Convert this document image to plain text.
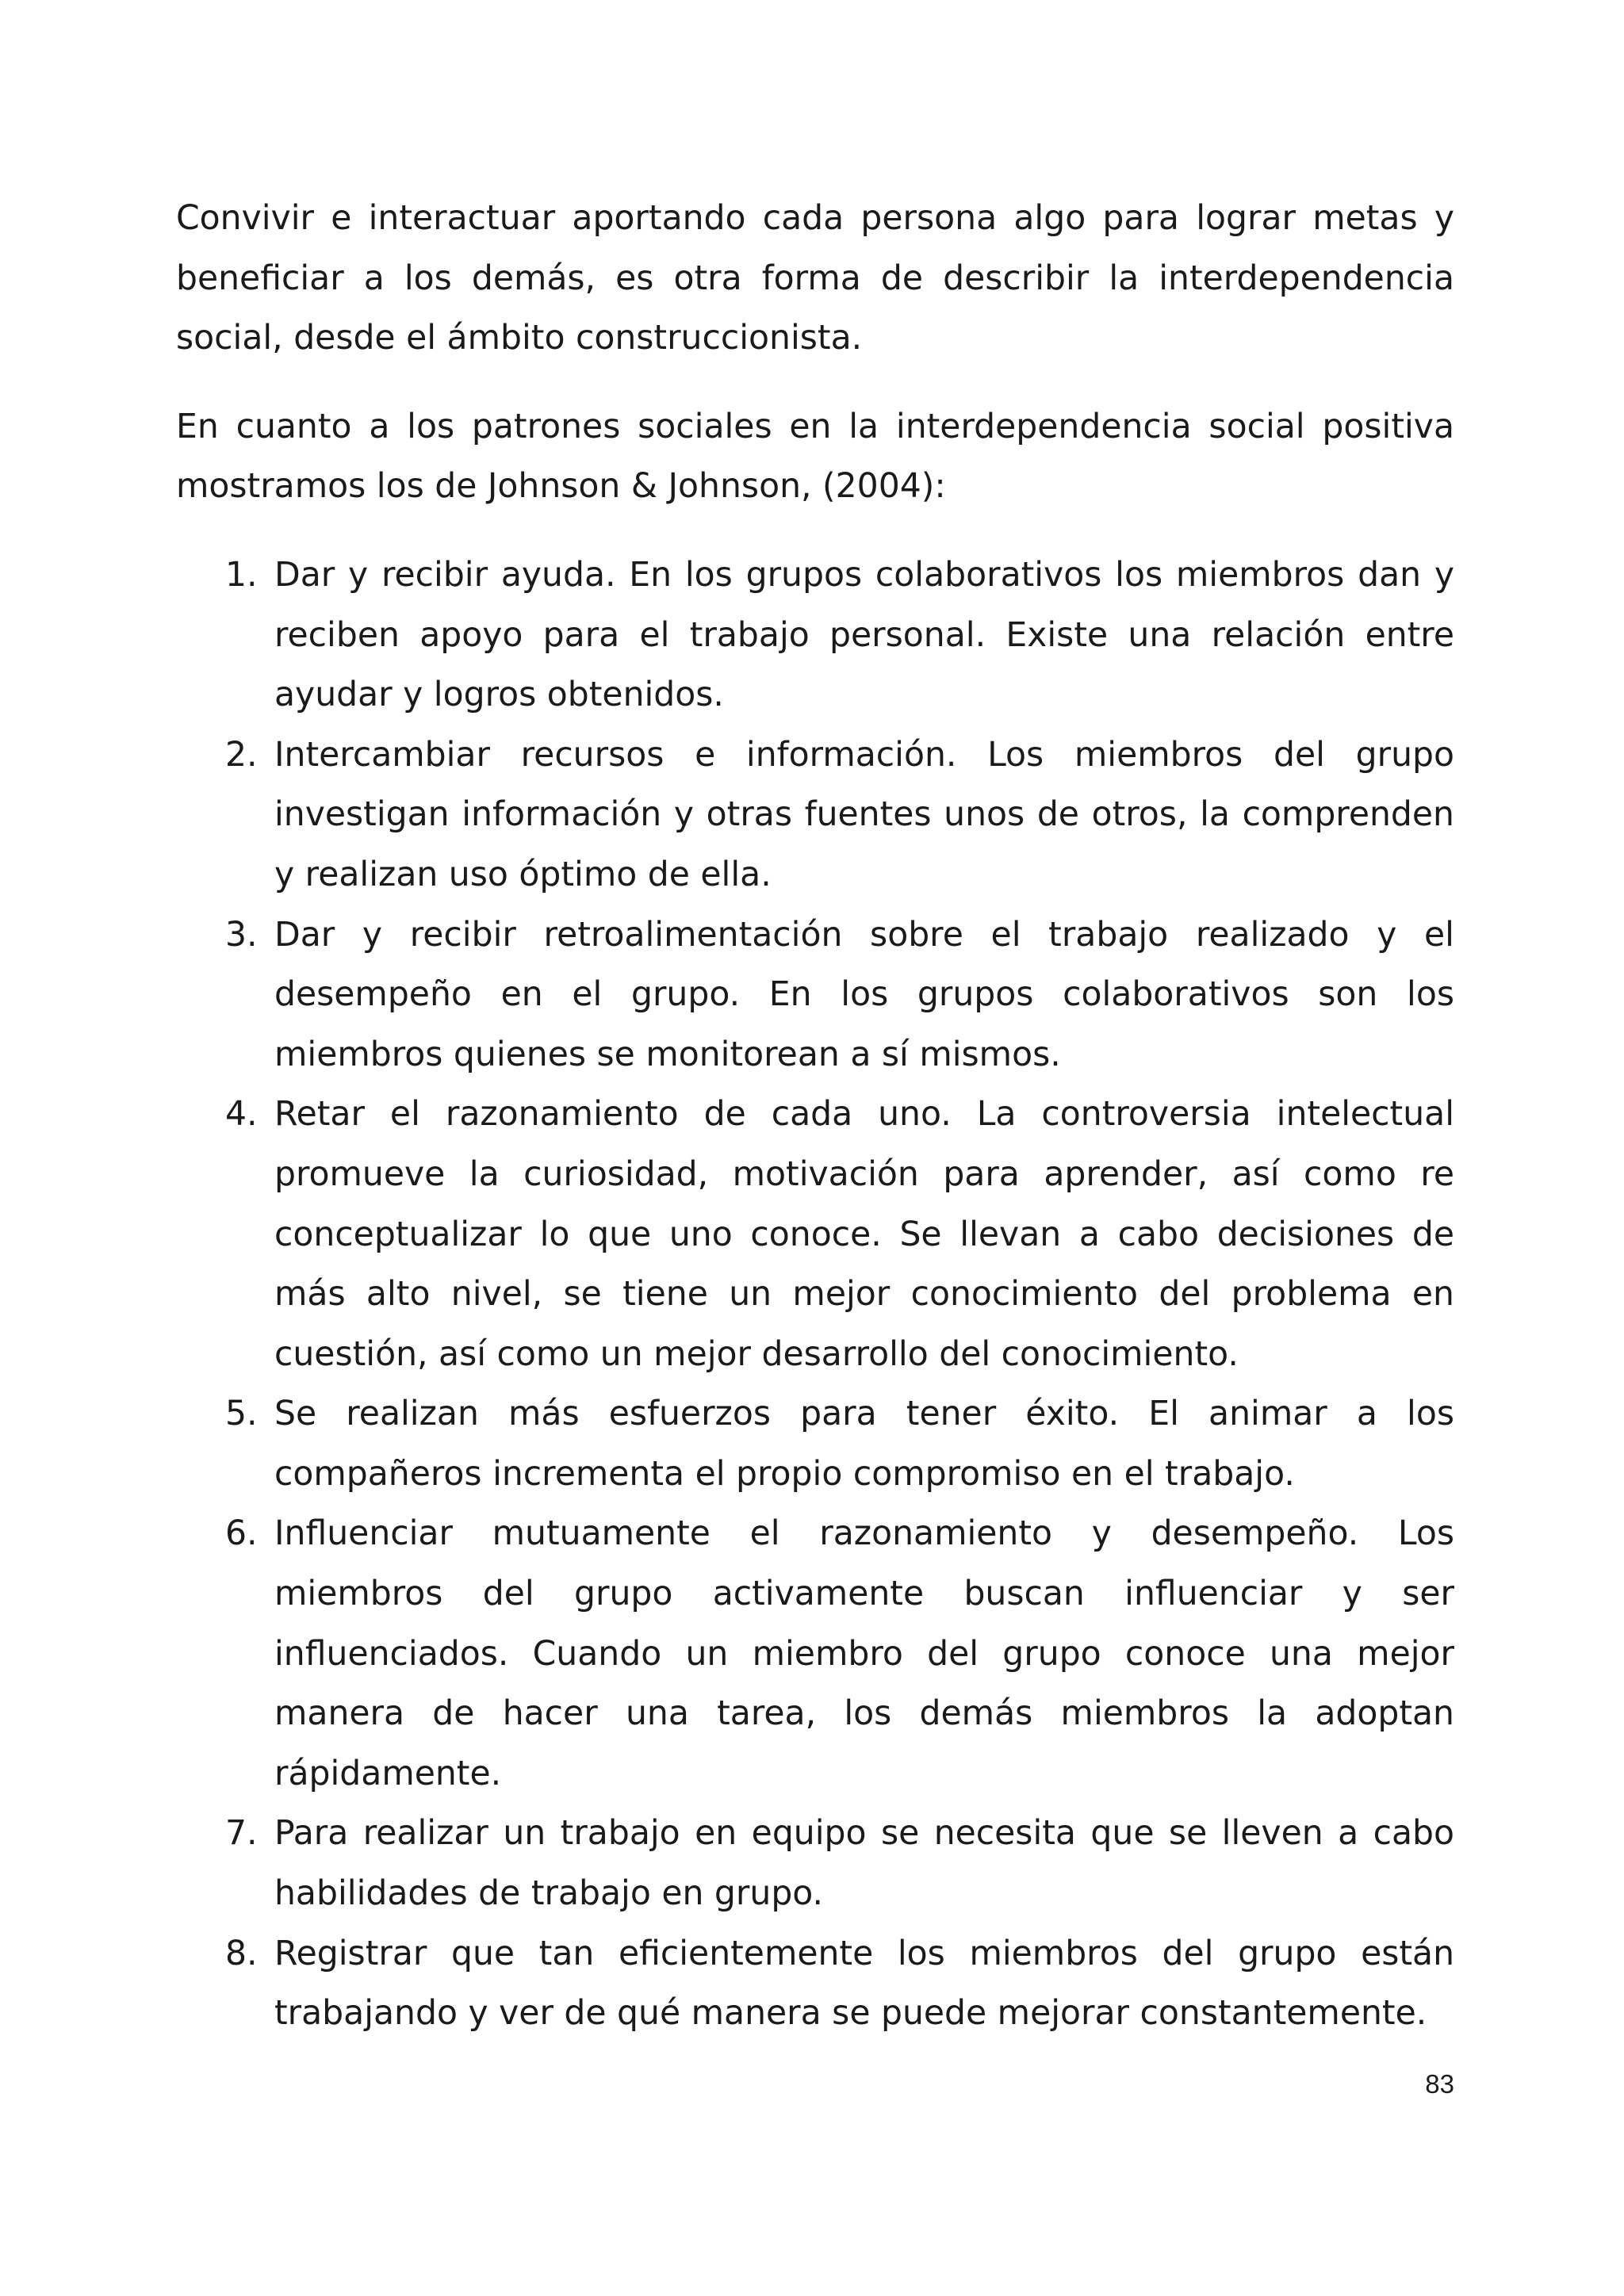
Convivir e interactuar aportando cada persona algo para lograr metas y beneficiar a los demás, es otra forma de describir la interdependencia social, desde el ámbito construccionista.

En cuanto a los patrones sociales en la interdependencia social positiva mostramos los de Johnson & Johnson, (2004):

1. Dar y recibir ayuda. En los grupos colaborativos los miembros dan y reciben apoyo para el trabajo personal. Existe una relación entre ayudar y logros obtenidos.
2. Intercambiar recursos e información. Los miembros del grupo investigan información y otras fuentes unos de otros, la comprenden y realizan uso óptimo de ella.
3. Dar y recibir retroalimentación sobre el trabajo realizado y el desempeño en el grupo. En los grupos colaborativos son los miembros quienes se monitorean a sí mismos.
4. Retar el razonamiento de cada uno. La controversia intelectual promueve la curiosidad, motivación para aprender, así como re conceptualizar lo que uno conoce. Se llevan a cabo decisiones de más alto nivel, se tiene un mejor conocimiento del problema en cuestión, así como un mejor desarrollo del conocimiento.
5. Se realizan más esfuerzos para tener éxito. El animar a los compañeros incrementa el propio compromiso en el trabajo.
6. Influenciar mutuamente el razonamiento y desempeño. Los miembros del grupo activamente buscan influenciar y ser influenciados. Cuando un miembro del grupo conoce una mejor manera de hacer una tarea, los demás miembros la adoptan rápidamente.
7. Para realizar un trabajo en equipo se necesita que se lleven a cabo habilidades de trabajo en grupo.
8. Registrar que tan eficientemente los miembros del grupo están trabajando y ver de qué manera se puede mejorar constantemente.
83
